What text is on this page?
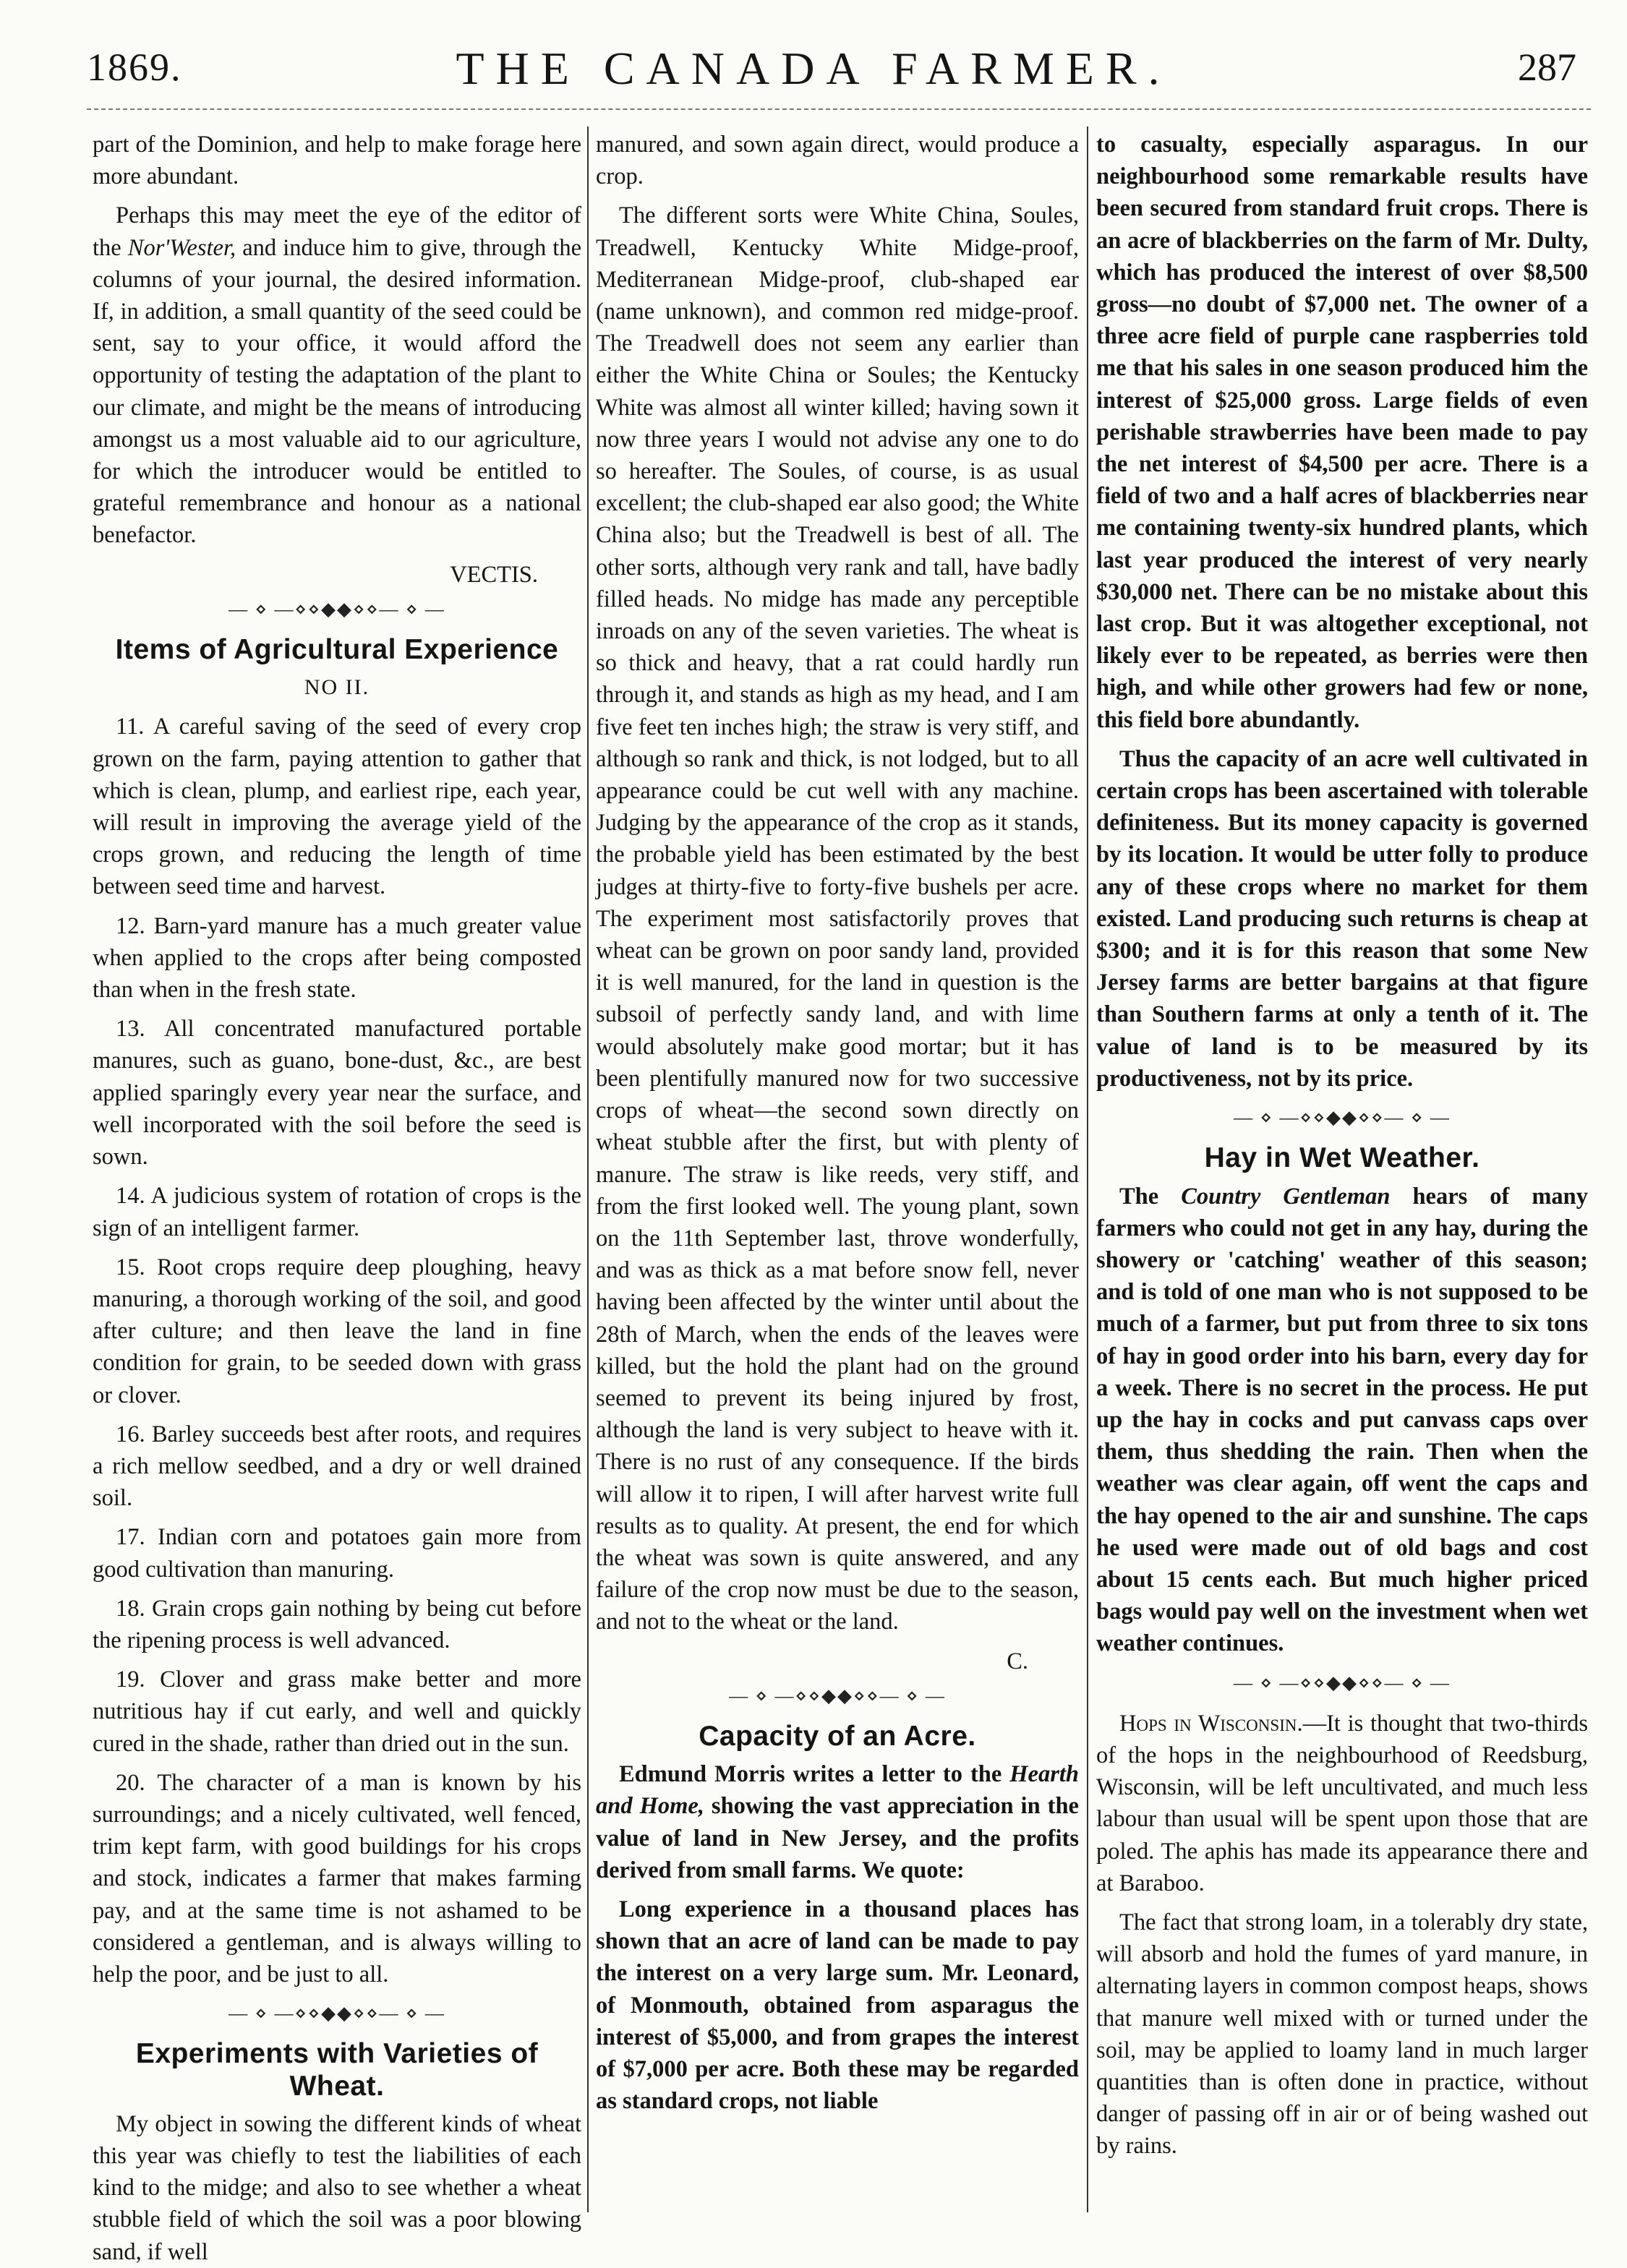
1869.	THE CANADA FARMER.	287

part of the Dominion, and help to make forage here more abundant.

Perhaps this may meet the eye of the editor of the Nor'Wester, and induce him to give, through the columns of your journal, the desired information. If, in addition, a small quantity of the seed could be sent, say to your office, it would afford the opportunity of testing the adaptation of the plant to our climate, and might be the means of introducing amongst us a most valuable aid to our agriculture, for which the introducer would be entitled to grateful remembrance and honour as a national benefactor.

VECTIS.

— ⋄ —⋄⋄◆◆⋄⋄— ⋄ —
Items of Agricultural Experience
NO II.

11. A careful saving of the seed of every crop grown on the farm, paying attention to gather that which is clean, plump, and earliest ripe, each year, will result in improving the average yield of the crops grown, and reducing the length of time between seed time and harvest.

12. Barn-yard manure has a much greater value when applied to the crops after being composted than when in the fresh state.

13. All concentrated manufactured portable manures, such as guano, bone-dust, &c., are best applied sparingly every year near the surface, and well incorporated with the soil before the seed is sown.

14. A judicious system of rotation of crops is the sign of an intelligent farmer.

15. Root crops require deep ploughing, heavy manuring, a thorough working of the soil, and good after culture; and then leave the land in fine condition for grain, to be seeded down with grass or clover.

16. Barley succeeds best after roots, and requires a rich mellow seedbed, and a dry or well drained soil.

17. Indian corn and potatoes gain more from good cultivation than manuring.

18. Grain crops gain nothing by being cut before the ripening process is well advanced.

19. Clover and grass make better and more nutritious hay if cut early, and well and quickly cured in the shade, rather than dried out in the sun.

20. The character of a man is known by his surroundings; and a nicely cultivated, well fenced, trim kept farm, with good buildings for his crops and stock, indicates a farmer that makes farming pay, and at the same time is not ashamed to be considered a gentleman, and is always willing to help the poor, and be just to all.

— ⋄ —⋄⋄◆◆⋄⋄— ⋄ —
Experiments with Varieties of Wheat.

My object in sowing the different kinds of wheat this year was chiefly to test the liabilities of each kind to the midge; and also to see whether a wheat stubble field of which the soil was a poor blowing sand, if well

manured, and sown again direct, would produce a crop.

The different sorts were White China, Soules, Treadwell, Kentucky White Midge-proof, Mediterranean Midge-proof, club-shaped ear (name unknown), and common red midge-proof. The Treadwell does not seem any earlier than either the White China or Soules; the Kentucky White was almost all winter killed; having sown it now three years I would not advise any one to do so hereafter. The Soules, of course, is as usual excellent; the club-shaped ear also good; the White China also; but the Treadwell is best of all. The other sorts, although very rank and tall, have badly filled heads. No midge has made any perceptible inroads on any of the seven varieties. The wheat is so thick and heavy, that a rat could hardly run through it, and stands as high as my head, and I am five feet ten inches high; the straw is very stiff, and although so rank and thick, is not lodged, but to all appearance could be cut well with any machine. Judging by the appearance of the crop as it stands, the probable yield has been estimated by the best judges at thirty-five to forty-five bushels per acre. The experiment most satisfactorily proves that wheat can be grown on poor sandy land, provided it is well manured, for the land in question is the subsoil of perfectly sandy land, and with lime would absolutely make good mortar; but it has been plentifully manured now for two successive crops of wheat—the second sown directly on wheat stubble after the first, but with plenty of manure. The straw is like reeds, very stiff, and from the first looked well. The young plant, sown on the 11th September last, throve wonderfully, and was as thick as a mat before snow fell, never having been affected by the winter until about the 28th of March, when the ends of the leaves were killed, but the hold the plant had on the ground seemed to prevent its being injured by frost, although the land is very subject to heave with it. There is no rust of any consequence. If the birds will allow it to ripen, I will after harvest write full results as to quality. At present, the end for which the wheat was sown is quite answered, and any failure of the crop now must be due to the season, and not to the wheat or the land.

C.

— ⋄ —⋄⋄◆◆⋄⋄— ⋄ —
Capacity of an Acre.

Edmund Morris writes a letter to the Hearth and Home, showing the vast appreciation in the value of land in New Jersey, and the profits derived from small farms. We quote:

Long experience in a thousand places has shown that an acre of land can be made to pay the interest on a very large sum. Mr. Leonard, of Monmouth, obtained from asparagus the interest of $5,000, and from grapes the interest of $7,000 per acre. Both these may be regarded as standard crops, not liable

to casualty, especially asparagus. In our neighbourhood some remarkable results have been secured from standard fruit crops. There is an acre of blackberries on the farm of Mr. Dulty, which has produced the interest of over $8,500 gross—no doubt of $7,000 net. The owner of a three acre field of purple cane raspberries told me that his sales in one season produced him the interest of $25,000 gross. Large fields of even perishable strawberries have been made to pay the net interest of $4,500 per acre. There is a field of two and a half acres of blackberries near me containing twenty-six hundred plants, which last year produced the interest of very nearly $30,000 net. There can be no mistake about this last crop. But it was altogether exceptional, not likely ever to be repeated, as berries were then high, and while other growers had few or none, this field bore abundantly.

Thus the capacity of an acre well cultivated in certain crops has been ascertained with tolerable definiteness. But its money capacity is governed by its location. It would be utter folly to produce any of these crops where no market for them existed. Land producing such returns is cheap at $300; and it is for this reason that some New Jersey farms are better bargains at that figure than Southern farms at only a tenth of it. The value of land is to be measured by its productiveness, not by its price.

— ⋄ —⋄⋄◆◆⋄⋄— ⋄ —
Hay in Wet Weather.

The Country Gentleman hears of many farmers who could not get in any hay, during the showery or 'catching' weather of this season; and is told of one man who is not supposed to be much of a farmer, but put from three to six tons of hay in good order into his barn, every day for a week. There is no secret in the process. He put up the hay in cocks and put canvass caps over them, thus shedding the rain. Then when the weather was clear again, off went the caps and the hay opened to the air and sunshine. The caps he used were made out of old bags and cost about 15 cents each. But much higher priced bags would pay well on the investment when wet weather continues.

— ⋄ —⋄⋄◆◆⋄⋄— ⋄ —

Hops in Wisconsin.—It is thought that two-thirds of the hops in the neighbourhood of Reedsburg, Wisconsin, will be left uncultivated, and much less labour than usual will be spent upon those that are poled. The aphis has made its appearance there and at Baraboo.

The fact that strong loam, in a tolerably dry state, will absorb and hold the fumes of yard manure, in alternating layers in common compost heaps, shows that manure well mixed with or turned under the soil, may be applied to loamy land in much larger quantities than is often done in practice, without danger of passing off in air or of being washed out by rains.
